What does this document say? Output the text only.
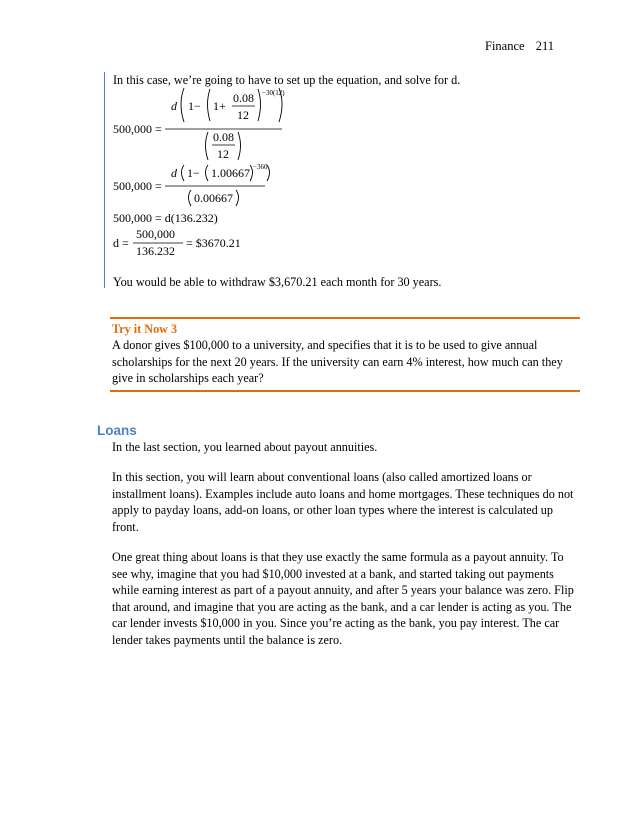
Finance 211
In this case, we’re going to have to set up the equation, and solve for d.
500,000 =
d 1− 1+
0.08
12
−30(12)
0.08
12
500,000 =
d 1− 1.00667 −360
0.00667
500,000 = d(136.232)
d =
500,000
136.232
= $3670.21
You would be able to withdraw $3,670.21 each month for 30 years.
Try it Now 3

A donor gives $100,000 to a university, and specifies that it is to be used to give annual scholarships for the next 20 years. If the university can earn 4% interest, how much can they give in scholarships each year?

Loans

In the last section, you learned about payout annuities.

In this section, you will learn about conventional loans (also called amortized loans or installment loans). Examples include auto loans and home mortgages. These techniques do not apply to payday loans, add-on loans, or other loan types where the interest is calculated up front.

One great thing about loans is that they use exactly the same formula as a payout annuity. To see why, imagine that you had $10,000 invested at a bank, and started taking out payments while earning interest as part of a payout annuity, and after 5 years your balance was zero. Flip that around, and imagine that you are acting as the bank, and a car lender is acting as you. The car lender invests $10,000 in you. Since you’re acting as the bank, you pay interest. The car lender takes payments until the balance is zero.
